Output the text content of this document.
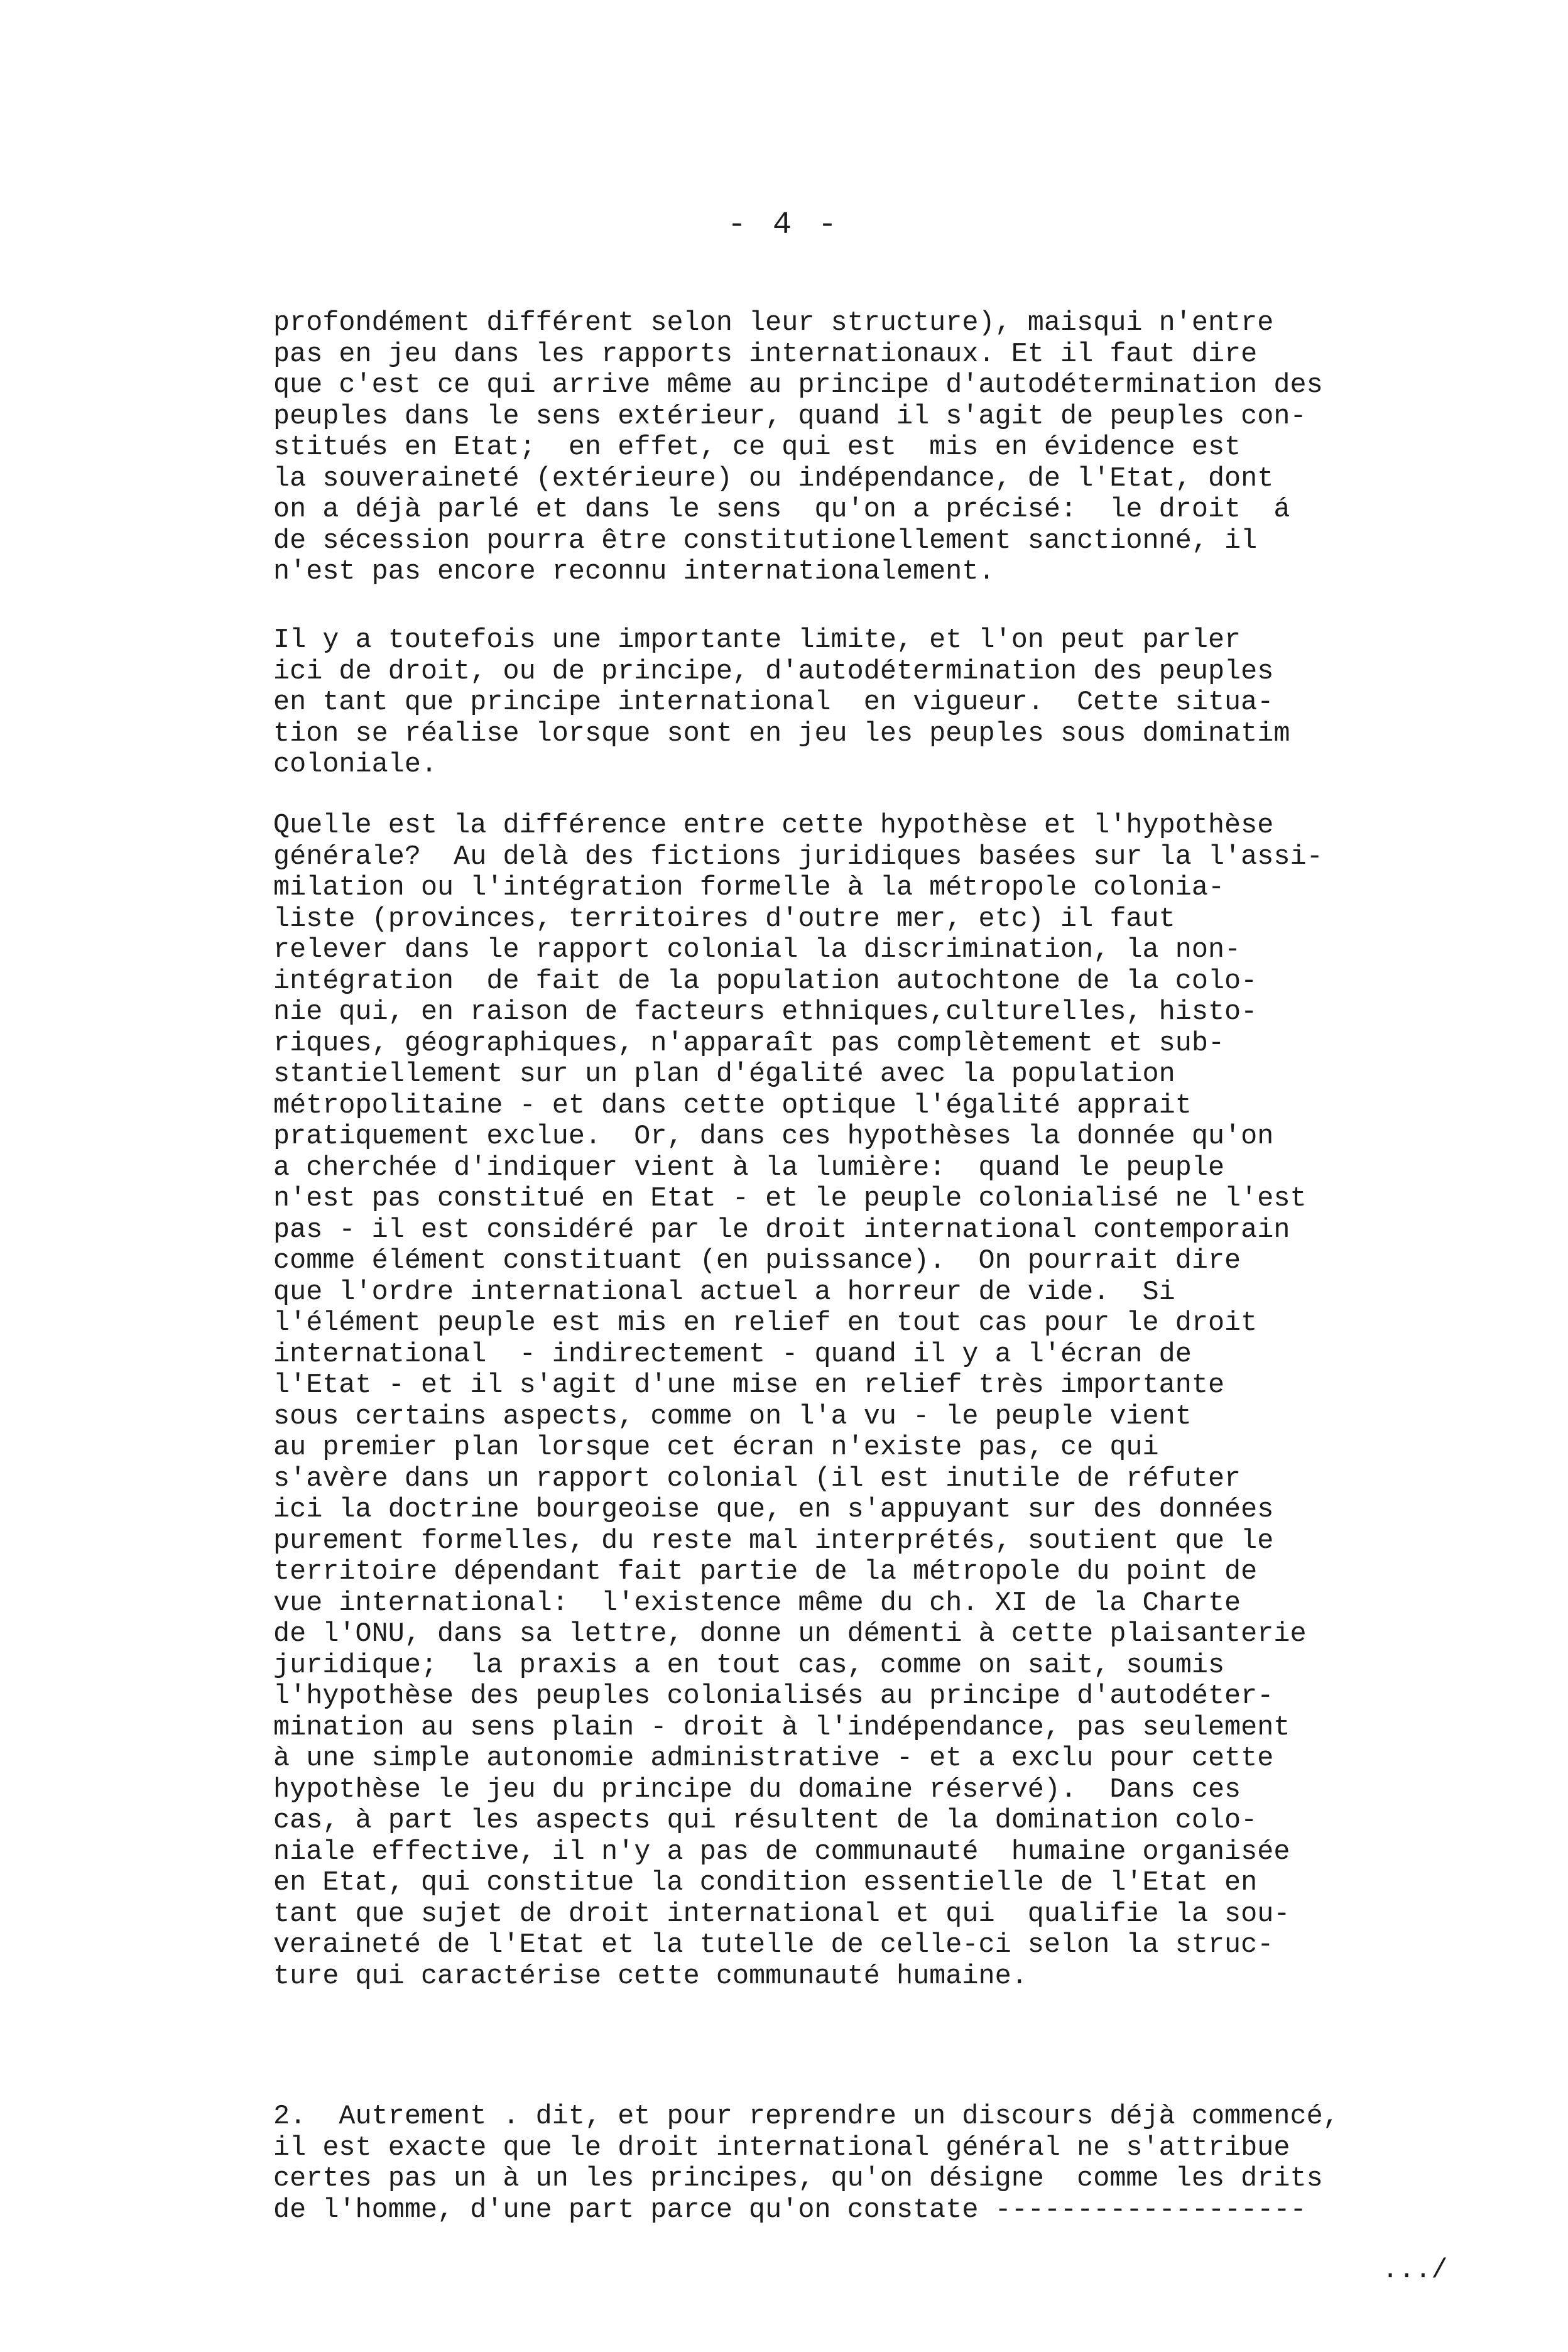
- 4 -

profondément différent selon leur structure), maisqui n'entre
pas en jeu dans les rapports internationaux. Et il faut dire
que c'est ce qui arrive même au principe d'autodétermination des
peuples dans le sens extérieur, quand il s'agit de peuples con-
stitués en Etat;  en effet, ce qui est  mis en évidence est
la souveraineté (extérieure) ou indépendance, de l'Etat, dont
on a déjà parlé et dans le sens  qu'on a précisé:  le droit  á
de sécession pourra être constitutionellement sanctionné, il
n'est pas encore reconnu internationalement.

Il y a toutefois une importante limite, et l'on peut parler
ici de droit, ou de principe, d'autodétermination des peuples
en tant que principe international  en vigueur.  Cette situa-
tion se réalise lorsque sont en jeu les peuples sous dominatim
coloniale.

Quelle est la différence entre cette hypothèse et l'hypothèse
générale?  Au delà des fictions juridiques basées sur la l'assi-
milation ou l'intégration formelle à la métropole colonia-
liste (provinces, territoires d'outre mer, etc) il faut
relever dans le rapport colonial la discrimination, la non-
intégration  de fait de la population autochtone de la colo-
nie qui, en raison de facteurs ethniques,culturelles, histo-
riques, géographiques, n'apparaît pas complètement et sub-
stantiellement sur un plan d'égalité avec la population
métropolitaine - et dans cette optique l'égalité apprait
pratiquement exclue.  Or, dans ces hypothèses la donnée qu'on
a cherchée d'indiquer vient à la lumière:  quand le peuple
n'est pas constitué en Etat - et le peuple colonialisé ne l'est
pas - il est considéré par le droit international contemporain
comme élément constituant (en puissance).  On pourrait dire
que l'ordre international actuel a horreur de vide.  Si
l'élément peuple est mis en relief en tout cas pour le droit
international  - indirectement - quand il y a l'écran de
l'Etat - et il s'agit d'une mise en relief très importante
sous certains aspects, comme on l'a vu - le peuple vient
au premier plan lorsque cet écran n'existe pas, ce qui
s'avère dans un rapport colonial (il est inutile de réfuter
ici la doctrine bourgeoise que, en s'appuyant sur des données
purement formelles, du reste mal interprétés, soutient que le
territoire dépendant fait partie de la métropole du point de
vue international:  l'existence même du ch. XI de la Charte
de l'ONU, dans sa lettre, donne un démenti à cette plaisanterie
juridique;  la praxis a en tout cas, comme on sait, soumis
l'hypothèse des peuples colonialisés au principe d'autodéter-
mination au sens plain - droit à l'indépendance, pas seulement
à une simple autonomie administrative - et a exclu pour cette
hypothèse le jeu du principe du domaine réservé).  Dans ces
cas, à part les aspects qui résultent de la domination colo-
niale effective, il n'y a pas de communauté  humaine organisée
en Etat, qui constitue la condition essentielle de l'Etat en
tant que sujet de droit international et qui  qualifie la sou-
veraineté de l'Etat et la tutelle de celle-ci selon la struc-
ture qui caractérise cette communauté humaine.

2.  Autrement . dit, et pour reprendre un discours déjà commencé,
il est exacte que le droit international général ne s'attribue
certes pas un à un les principes, qu'on désigne  comme les drits
de l'homme, d'une part parce qu'on constate -------------------

.../
